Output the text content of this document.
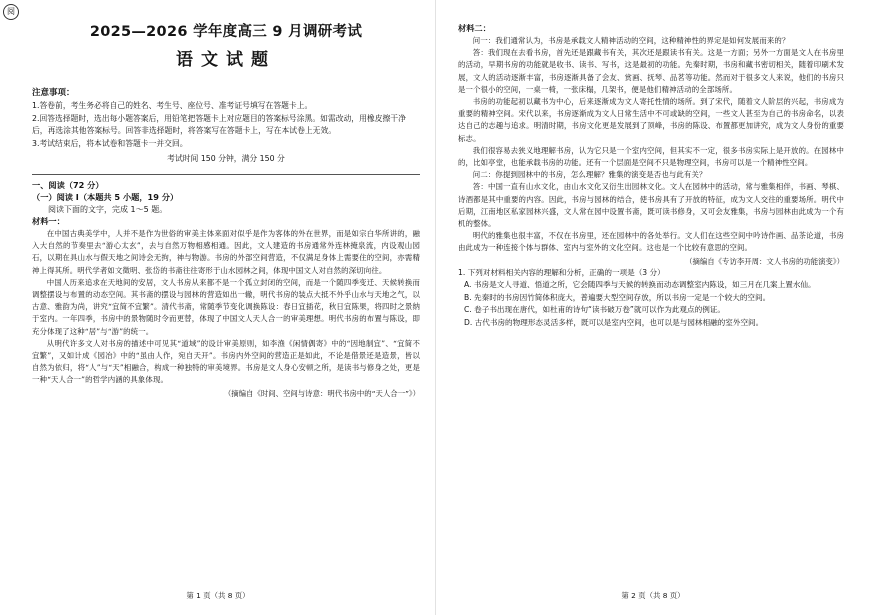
阅
2025—2026 学年度高三 9 月调研考试
语文试题

注意事项：

1.答卷前，考生务必将自己的姓名、考生号、座位号、准考证号填写在答题卡上。

2.回答选择题时，选出每小题答案后，用铅笔把答题卡上对应题目的答案标号涂黑。如需改动，用橡皮擦干净后，再选涂其他答案标号。回答非选择题时，将答案写在答题卡上，写在本试卷上无效。

3.考试结束后，将本试卷和答题卡一并交回。

考试时间 150 分钟，满分 150 分

一、阅读（72 分）

（一）阅读 I（本题共 5 小题，19 分）

阅读下面的文字，完成 1～5 题。

材料一：

在中国古典美学中，人并不是作为世俗的审美主体来面对似乎是作为客体的外在世界，而是如宗白华所讲的，融入大自然的节奏里去“游心太玄”，去与自然万物相感相通。因此，文人建造的书房通常外连林掩泉流，内设观山园石，以期在具山水与假天地之间诗会无拘，神与物游。书房的外部空间营造，不仅满足身体上需要住的空间，亦需精神上得其所。明代学者如文徵明、张岱的书斋往往寄形于山水园林之间，体现中国文人对自然的深切向往。

中国人历来追求在天地间的安居，文人书房从来都不是一个孤立封闭的空间，而是一个随四季变迁、天候转换而调整摆设与布置的动态空间。其书斋的摆设与园林的营造如出一辙，明代书房的装点大抵不外乎山水与天地之气，以古意、雅韵为尚，讲究“宜简不宜繁”。清代书斋，常随季节变化调换陈设：春日宜插花，秋日宜陈果，将四时之景纳于室内。一年四季，书房中的景物随时令而更替，体现了中国文人天人合一的审美理想。明代书房的布置与陈设，即充分体现了这种“居”与“游”的统一。

从明代许多文人对书房的描述中可见其“道域”的设计审美原则，如李渔《闲情偶寄》中的“因地制宜”、“宜简不宜繁”，又如计成《园冶》中的“虽由人作，宛自天开”。书房内外空间的营造正是如此，不论是借景还是造景，皆以自然为依归，将“人”与“天”相融合，构成一种独特的审美境界。书房是文人身心安顿之所，是读书与修身之处，更是一种“天人合一”的哲学内涵的具象体现。

（摘编自《时间、空间与诗意：明代书房中的“天人合一”》）

第 1 页（共 8 页）

材料二：

问一：我们通常认为，书房是承载文人精神活动的空间，这种精神性的界定是如何发展而来的？

答：我们现在去看书房，首先还是跟藏书有关，其次还是跟读书有关。这是一方面；另外一方面是文人在书房里的活动，早期书房的功能就是收书、读书、写书，这是最初的功能。先秦时期，书房和藏书密切相关，随着印刷术发展，文人的活动逐渐丰富，书房逐渐具备了会友、赏画、抚琴、品茗等功能。然而对于很多文人来说，他们的书房只是一个很小的空间，一桌一椅，一张床榻，几架书，便是他们精神活动的全部场所。

书房的功能起初以藏书为中心，后来逐渐成为文人寄托性情的场所。到了宋代，随着文人阶层的兴起，书房成为重要的精神空间。宋代以来，书房逐渐成为文人日常生活中不可或缺的空间，一些文人甚至为自己的书房命名，以表达自己的志趣与追求。明清时期，书房文化更是发展到了顶峰，书房的陈设、布置都更加讲究，成为文人身份的重要标志。

我们很容易去狭义地理解书房，认为它只是一个室内空间，但其实不一定，很多书房实际上是开放的。在园林中的，比如亭堂，也能承载书房的功能。还有一个层面是空间不只是物理空间，书房可以是一个精神性空间。

问二：你提到园林中的书房，怎么理解？雅集的演变是否也与此有关？

答：中国一直有山水文化，由山水文化又衍生出园林文化。文人在园林中的活动，常与雅集相伴，书画、琴棋、诗酒都是其中重要的内容。因此，书房与园林的结合，使书房具有了开放的特征，成为文人交往的重要场所。明代中后期，江南地区私家园林兴盛，文人常在园中设置书斋，既可读书修身，又可会友雅集，书房与园林由此成为一个有机的整体。

明代的雅集也很丰富，不仅在书房里，还在园林中的各处举行。文人们在这些空间中吟诗作画、品茶论道，书房由此成为一种连接个体与群体、室内与室外的文化空间。这也是一个比较有意思的空间。

（摘编自《专访李开周：文人书房的功能演变》）

1. 下列对材料相关内容的理解和分析，正确的一项是（3 分）

A. 书房是文人寻道、悟道之所，它会随四季与天候的转换而动态调整室内陈设，如三月在几案上置水仙。

B. 先秦时的书房因竹简体积庞大，普遍要大型空间存放，所以书房一定是一个较大的空间。

C. 卷子书出现在唐代，如杜甫的诗句“读书破万卷”就可以作为此观点的例证。

D. 古代书房的物理形态灵活多样，既可以是室内空间，也可以是与园林相融的室外空间。

第 2 页（共 8 页）
